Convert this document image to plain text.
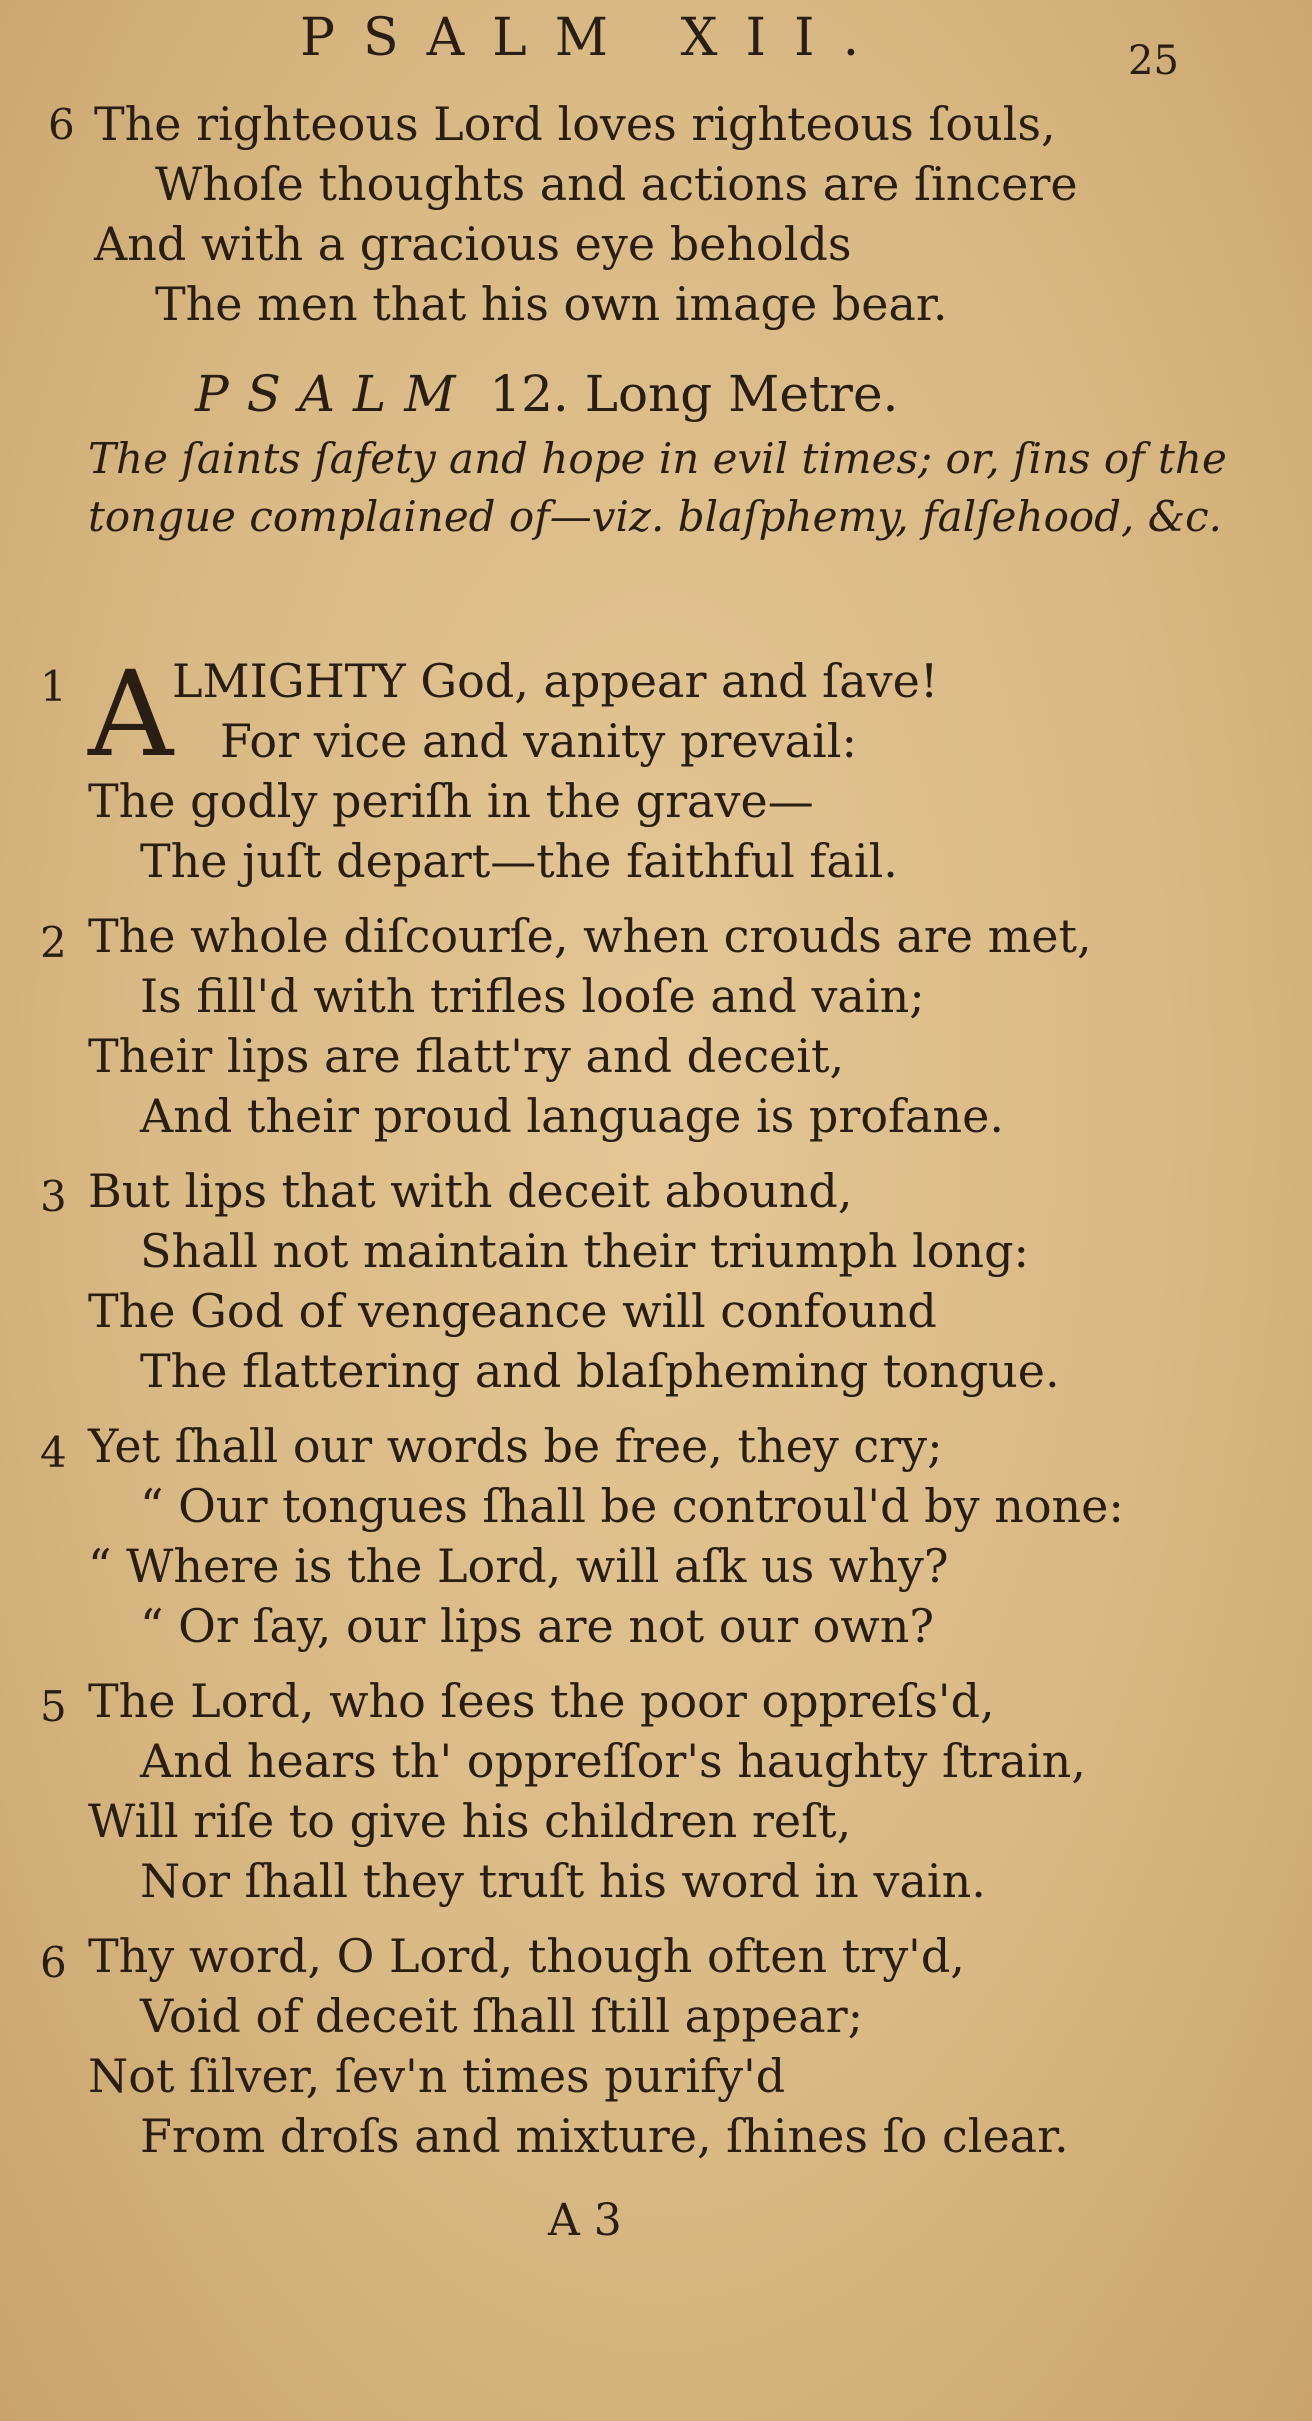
PSALM XII.	25
6 The righteous Lord loves righteous ſouls,
Whoſe thoughts and actions are ſincere
And with a gracious eye beholds
The men that his own image bear.
PSALM 12. Long Metre.
The ſaints ſafety and hope in evil times; or, ſins of the tongue complained of—viz. blaſphemy, falſehood, &c.
1 A
LMIGHTY God, appear and ſave!
For vice and vanity prevail:
The godly periſh in the grave—
The juſt depart—the faithful fail.
2 The whole diſcourſe, when crouds are met,
Is fill'd with trifles looſe and vain;
Their lips are flatt'ry and deceit,
And their proud language is profane.
3 But lips that with deceit abound,
Shall not maintain their triumph long:
The God of vengeance will confound
The flattering and blaſpheming tongue.
4 Yet ſhall our words be free, they cry;
“ Our tongues ſhall be controul'd by none:
“ Where is the Lord, will aſk us why?
“ Or ſay, our lips are not our own?
5 The Lord, who ſees the poor oppreſs'd,
And hears th' oppreſſor's haughty ſtrain,
Will riſe to give his children reſt,
Nor ſhall they truſt his word in vain.
6 Thy word, O Lord, though often try'd,
Void of deceit ſhall ſtill appear;
Not ſilver, ſev'n times purify'd
From droſs and mixture, ſhines ſo clear.
A 3
